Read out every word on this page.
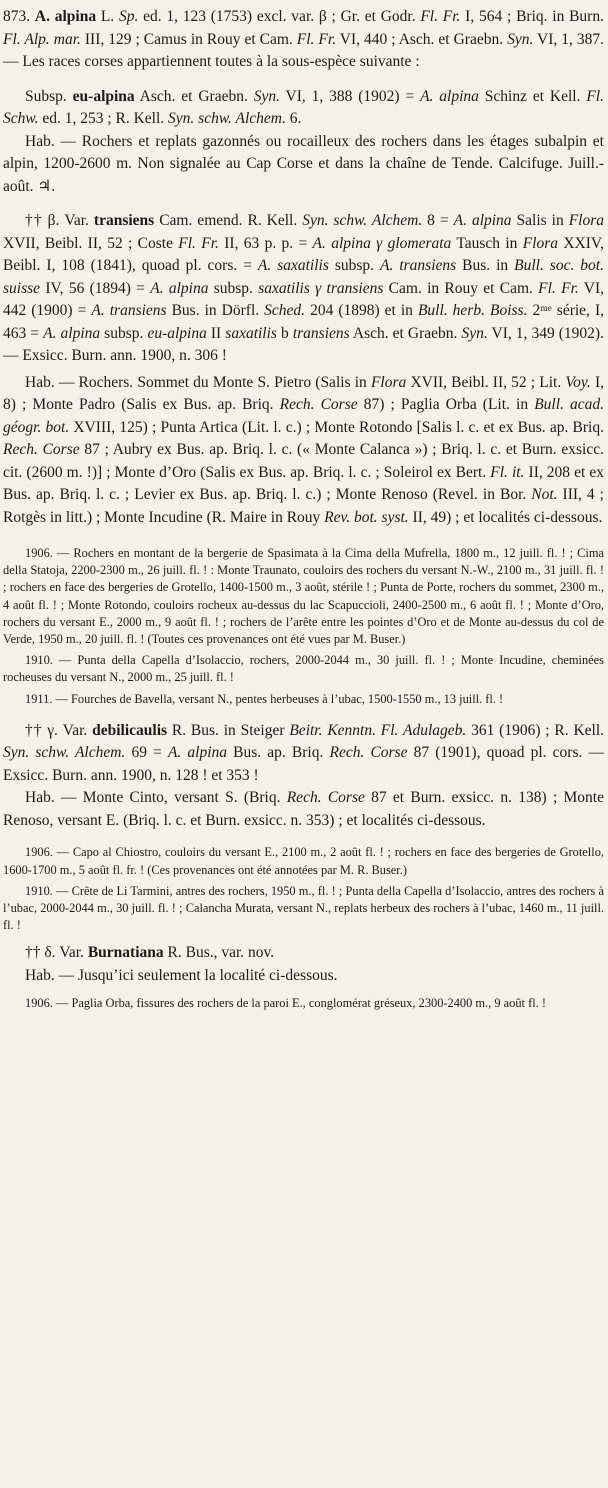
873. A. alpina L. Sp. ed. 1, 123 (1753) excl. var. β ; Gr. et Godr. Fl. Fr. I, 564 ; Briq. in Burn. Fl. Alp. mar. III, 129 ; Camus in Rouy et Cam. Fl. Fr. VI, 440 ; Asch. et Graebn. Syn. VI, 1, 387. — Les races corses appartiennent toutes à la sous-espèce suivante :

Subsp. eu-alpina Asch. et Graebn. Syn. VI, 1, 388 (1902) = A. alpina Schinz et Kell. Fl. Schw. ed. 1, 253 ; R. Kell. Syn. schw. Alchem. 6.

Hab. — Rochers et replats gazonnés ou rocailleux des rochers dans les étages subalpin et alpin, 1200-2600 m. Non signalée au Cap Corse et dans la chaîne de Tende. Calcifuge. Juill.-août. ♃.

†† β. Var. transiens Cam. emend. R. Kell. Syn. schw. Alchem. 8 = A. alpina Salis in Flora XVII, Beibl. II, 52 ; Coste Fl. Fr. II, 63 p. p. = A. alpina γ glomerata Tausch in Flora XXIV, Beibl. I, 108 (1841), quoad pl. cors. = A. saxatilis subsp. A. transiens Bus. in Bull. soc. bot. suisse IV, 56 (1894) = A. alpina subsp. saxatilis γ transiens Cam. in Rouy et Cam. Fl. Fr. VI, 442 (1900) = A. transiens Bus. in Dörfl. Sched. 204 (1898) et in Bull. herb. Boiss. 2ᵐᵉ série, I, 463 = A. alpina subsp. eu-alpina II saxatilis b transiens Asch. et Graebn. Syn. VI, 1, 349 (1902). — Exsicc. Burn. ann. 1900, n. 306 !

Hab. — Rochers. Sommet du Monte S. Pietro (Salis in Flora XVII, Beibl. II, 52 ; Lit. Voy. I, 8) ; Monte Padro (Salis ex Bus. ap. Briq. Rech. Corse 87) ; Paglia Orba (Lit. in Bull. acad. géogr. bot. XVIII, 125) ; Punta Artica (Lit. l. c.) ; Monte Rotondo [Salis l. c. et ex Bus. ap. Briq. Rech. Corse 87 ; Aubry ex Bus. ap. Briq. l. c. (« Monte Calanca ») ; Briq. l. c. et Burn. exsicc. cit. (2600 m. !)] ; Monte d’Oro (Salis ex Bus. ap. Briq. l. c. ; Soleirol ex Bert. Fl. it. II, 208 et ex Bus. ap. Briq. l. c. ; Levier ex Bus. ap. Briq. l. c.) ; Monte Renoso (Revel. in Bor. Not. III, 4 ; Rotgès in litt.) ; Monte Incudine (R. Maire in Rouy Rev. bot. syst. II, 49) ; et localités ci-dessous.

1906. — Rochers en montant de la bergerie de Spasimata à la Cima della Mufrella, 1800 m., 12 juill. fl. ! ; Cima della Statoja, 2200-2300 m., 26 juill. fl. ! : Monte Traunato, couloirs des rochers du versant N.-W., 2100 m., 31 juill. fl. ! ; rochers en face des bergeries de Grotello, 1400-1500 m., 3 août, stérile ! ; Punta de Porte, rochers du sommet, 2300 m., 4 août fl. ! ; Monte Rotondo, couloirs rocheux au-dessus du lac Scapuccioli, 2400-2500 m., 6 août fl. ! ; Monte d’Oro, rochers du versant E., 2000 m., 9 août fl. ! ; rochers de l’arête entre les pointes d’Oro et de Monte au-dessus du col de Verde, 1950 m., 20 juill. fl. ! (Toutes ces provenances ont été vues par M. Buser.)

1910. — Punta della Capella d’Isolaccio, rochers, 2000-2044 m., 30 juill. fl. ! ; Monte Incudine, cheminées rocheuses du versant N., 2000 m., 25 juill. fl. !

1911. — Fourches de Bavella, versant N., pentes herbeuses à l’ubac, 1500-1550 m., 13 juill. fl. !

†† γ. Var. debilicaulis R. Bus. in Steiger Beitr. Kenntn. Fl. Adulageb. 361 (1906) ; R. Kell. Syn. schw. Alchem. 69 = A. alpina Bus. ap. Briq. Rech. Corse 87 (1901), quoad pl. cors. — Exsicc. Burn. ann. 1900, n. 128 ! et 353 !

Hab. — Monte Cinto, versant S. (Briq. Rech. Corse 87 et Burn. exsicc. n. 138) ; Monte Renoso, versant E. (Briq. l. c. et Burn. exsicc. n. 353) ; et localités ci-dessous.

1906. — Capo al Chiostro, couloirs du versant E., 2100 m., 2 août fl. ! ; rochers en face des bergeries de Grotello, 1600-1700 m., 5 août fl. fr. ! (Ces provenances ont été annotées par M. R. Buser.)

1910. — Crête de Li Tarmini, antres des rochers, 1950 m., fl. ! ; Punta della Capella d’Isolaccio, antres des rochers à l’ubac, 2000-2044 m., 30 juill. fl. ! ; Calancha Murata, versant N., replats herbeux des rochers à l’ubac, 1460 m., 11 juill. fl. !

†† δ. Var. Burnatiana R. Bus., var. nov.

Hab. — Jusqu’ici seulement la localité ci-dessous.

1906. — Paglia Orba, fissures des rochers de la paroi E., conglomérat gréseux, 2300-2400 m., 9 août fl. !
